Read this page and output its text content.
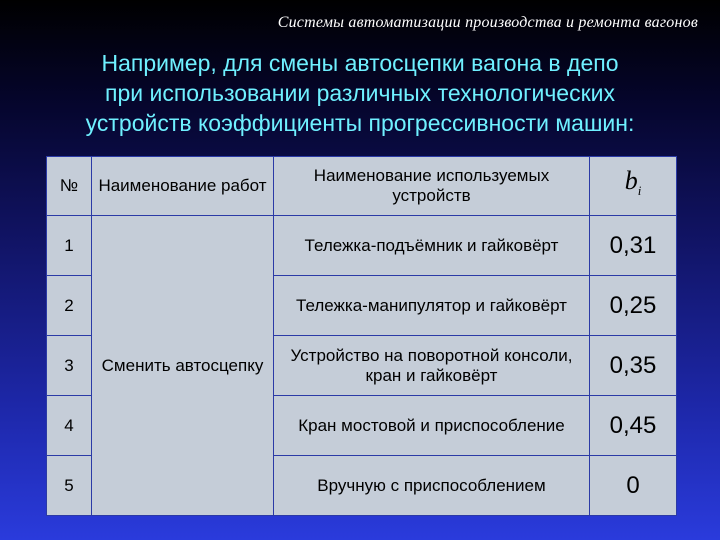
Системы автоматизации производства и ремонта вагонов
Например, для смены автосцепки вагона в депо
при использовании различных технологических
устройств коэффициенты прогрессивности машин:
№	Наименование работ	Наименование используемых устройств	$b_i$
1	Сменить автосцепку	Тележка-подъёмник и гайковёрт	0,31
2		Тележка-манипулятор и гайковёрт	0,25
3		Устройство на поворотной консоли, кран и гайковёрт	0,35
4		Кран мостовой и приспособление	0,45
5		Вручную с приспособлением	0
